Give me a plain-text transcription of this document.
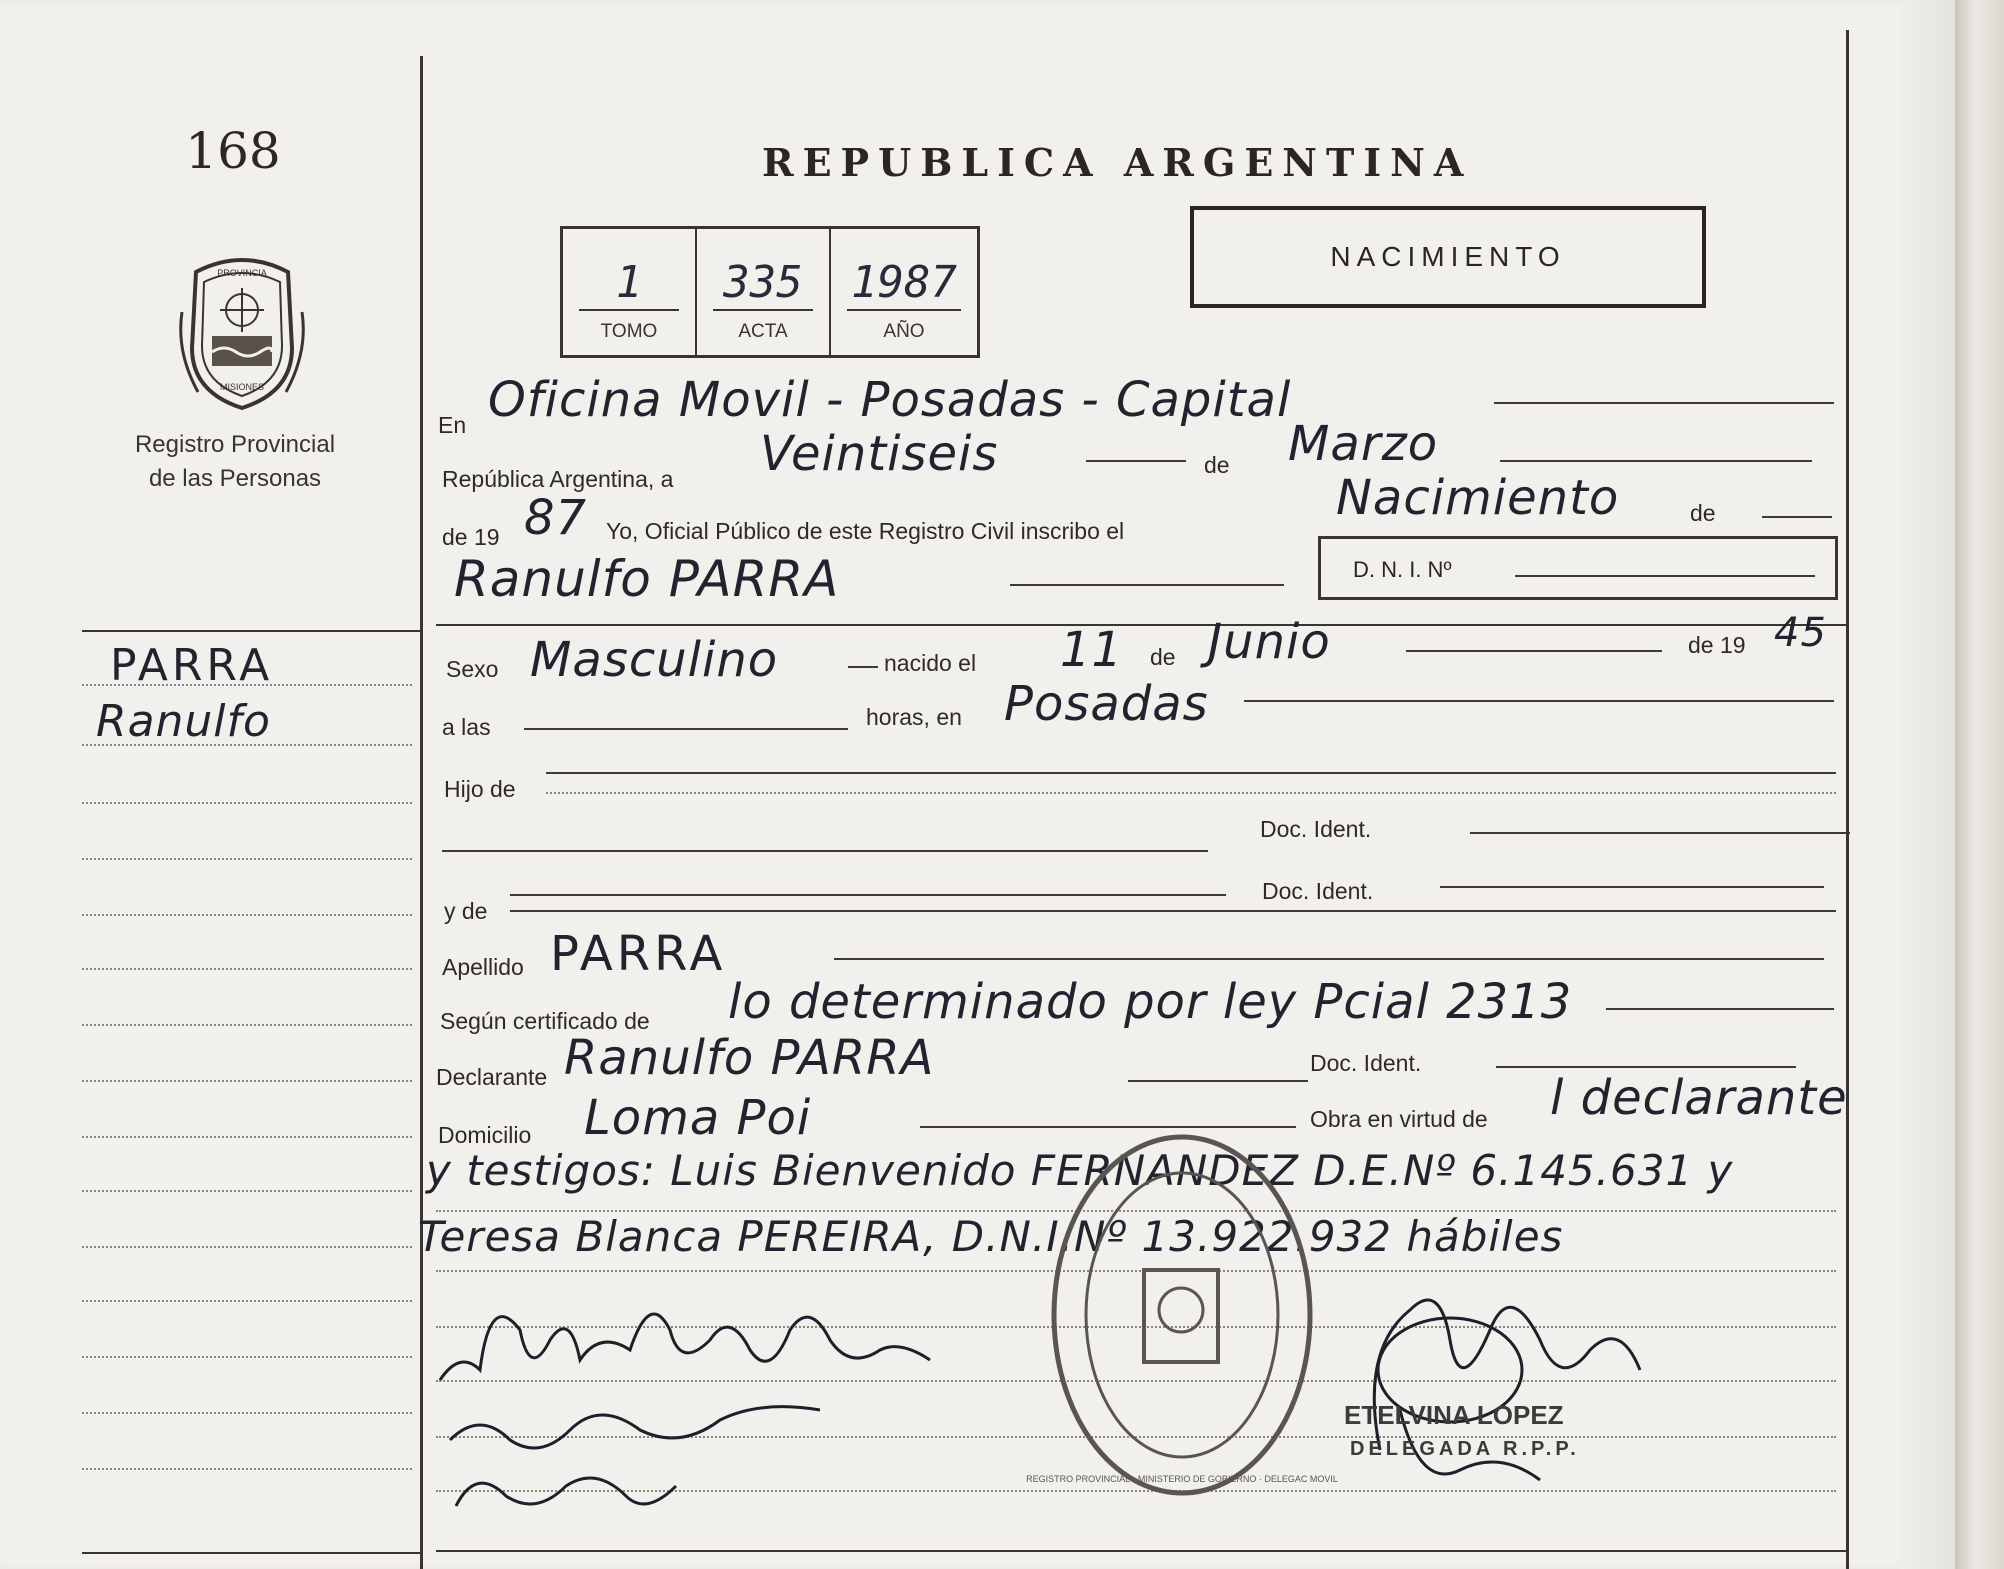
168
PROVINCIA
MISIONES
Registro Provincial
de las Personas
PARRA
Ranulfo
REPUBLICA ARGENTINA
1
TOMO
335
ACTA
1987
AÑO
NACIMIENTO
En Oficina Movil - Posadas - Capital
República Argentina, a Veintiseis	de Marzo
de 19 87 Yo, Oficial Público de este Registro Civil inscribo el
Nacimiento	de
Ranulfo PARRA	D. N. I. Nº
Sexo Masculino	nacido el 11 de Junio	de 19 45
a las	horas, en Posadas
Hijo de
Doc. Ident.
Doc. Ident.
y de
Apellido PARRA
Según certificado de lo determinado por ley Pcial 2313
Declarante Ranulfo PARRA	Doc. Ident.
Domicilio Loma Poi	Obra en virtud de l declarante
y testigos: Luis Bienvenido FERNANDEZ D.E.Nº 6.145.631 y
Teresa Blanca PEREIRA, D.N.I.Nº 13.922.932 hábiles
REGISTRO PROVINCIAL · MINISTERIO DE GOBIERNO · DELEGAC MOVIL
ETELVINA LOPEZ
DELEGADA R.P.P.
